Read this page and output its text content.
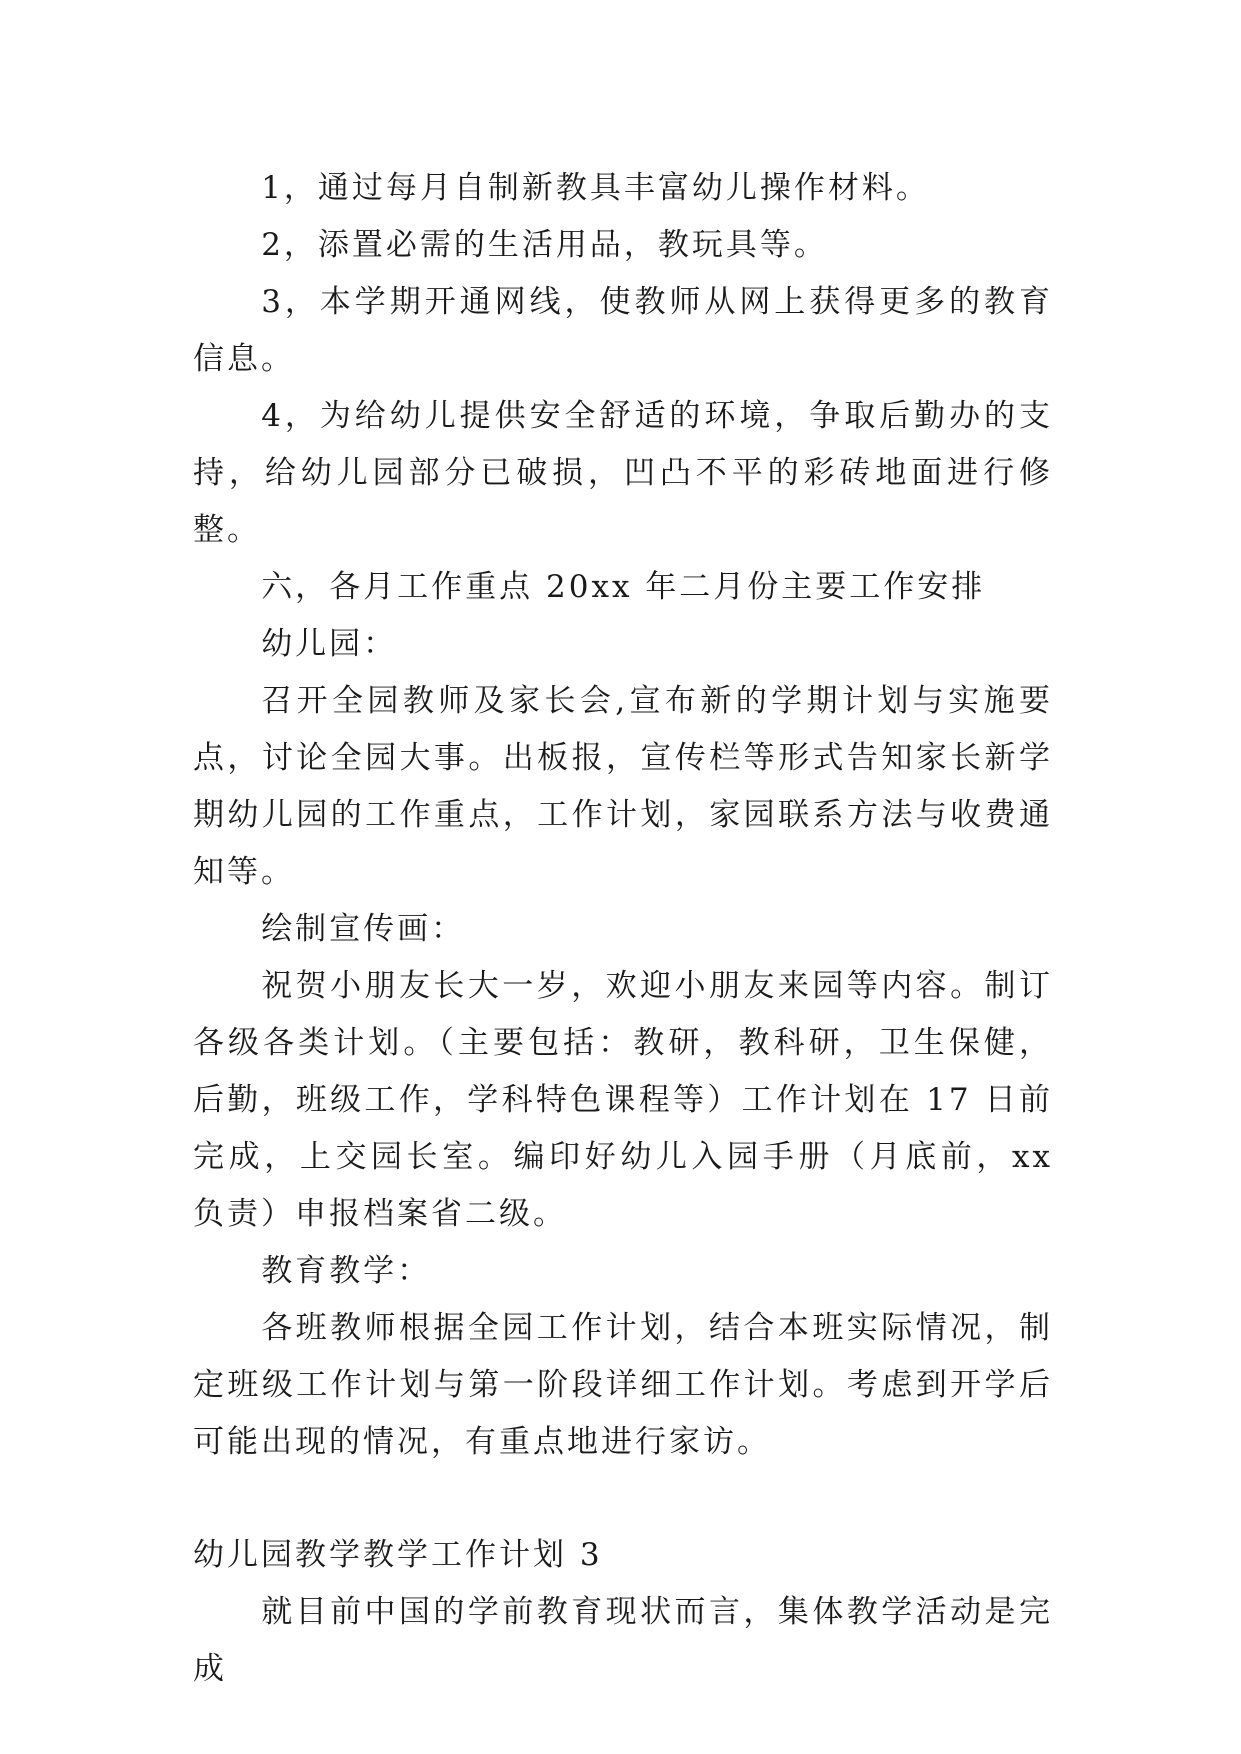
1，通过每月自制新教具丰富幼儿操作材料。

2，添置必需的生活用品，教玩具等。

3，本学期开通网线，使教师从网上获得更多的教育信息。

4，为给幼儿提供安全舒适的环境，争取后勤办的支持，给幼儿园部分已破损，凹凸不平的彩砖地面进行修整。

六，各月工作重点 20xx 年二月份主要工作安排

幼儿园：

召开全园教师及家长会,宣布新的学期计划与实施要点，讨论全园大事。出板报，宣传栏等形式告知家长新学期幼儿园的工作重点，工作计划，家园联系方法与收费通知等。

绘制宣传画：

祝贺小朋友长大一岁，欢迎小朋友来园等内容。制订各级各类计划。（主要包括：教研，教科研，卫生保健，后勤，班级工作，学科特色课程等）工作计划在 17 日前完成，上交园长室。编印好幼儿入园手册（月底前，xx 负责）申报档案省二级。

教育教学：

各班教师根据全园工作计划，结合本班实际情况，制定班级工作计划与第一阶段详细工作计划。考虑到开学后可能出现的情况，有重点地进行家访。

幼儿园教学教学工作计划 3

就目前中国的学前教育现状而言，集体教学活动是完成
